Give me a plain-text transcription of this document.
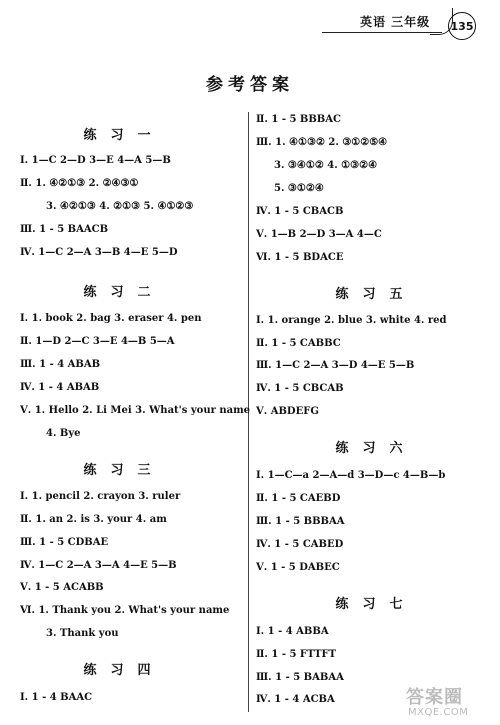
英语 三年级 135
参考答案
练习一
Ⅰ. 1—C 2—D 3—E 4—A 5—B
Ⅱ. 1. ④②①③ 2. ②④③①
3. ④②①③ 4. ②①③ 5. ④①②③
Ⅲ. 1 - 5 BAACB
Ⅳ. 1—C 2—A 3—B 4—E 5—D
练习二
Ⅰ. 1. book 2. bag 3. eraser 4. pen
Ⅱ. 1—D 2—C 3—E 4—B 5—A
Ⅲ. 1 - 4 ABAB
Ⅳ. 1 - 4 ABAB
Ⅴ. 1. Hello 2. Li Mei 3. What's your name
4. Bye
练习三
Ⅰ. 1. pencil 2. crayon 3. ruler
Ⅱ. 1. an 2. is 3. your 4. am
Ⅲ. 1 - 5 CDBAE
Ⅳ. 1—C 2—A 3—A 4—E 5—B
Ⅴ. 1 - 5 ACABB
Ⅵ. 1. Thank you 2. What's your name
3. Thank you
练习四
Ⅰ. 1 - 4 BAAC
Ⅱ. 1 - 5 BBBAC
Ⅲ. 1. ④①③② 2. ③①②⑤④
3. ③④①② 4. ①③②④
5. ③①②④
Ⅳ. 1 - 5 CBACB
Ⅴ. 1—B 2—D 3—A 4—C
Ⅵ. 1 - 5 BDACE
练习五
Ⅰ. 1. orange 2. blue 3. white 4. red
Ⅱ. 1 - 5 CABBC
Ⅲ. 1—C 2—A 3—D 4—E 5—B
Ⅳ. 1 - 5 CBCAB
Ⅴ. ABDEFG
练习六
Ⅰ. 1—C—a 2—A—d 3—D—c 4—B—b
Ⅱ. 1 - 5 CAEBD
Ⅲ. 1 - 5 BBBAA
Ⅳ. 1 - 5 CABED
Ⅴ. 1 - 5 DABEC
练习七
Ⅰ. 1 - 4 ABBA
Ⅱ. 1 - 5 FTTFT
Ⅲ. 1 - 5 BABAA
Ⅳ. 1 - 4 ACBA	答案圈
MXQE.COM
